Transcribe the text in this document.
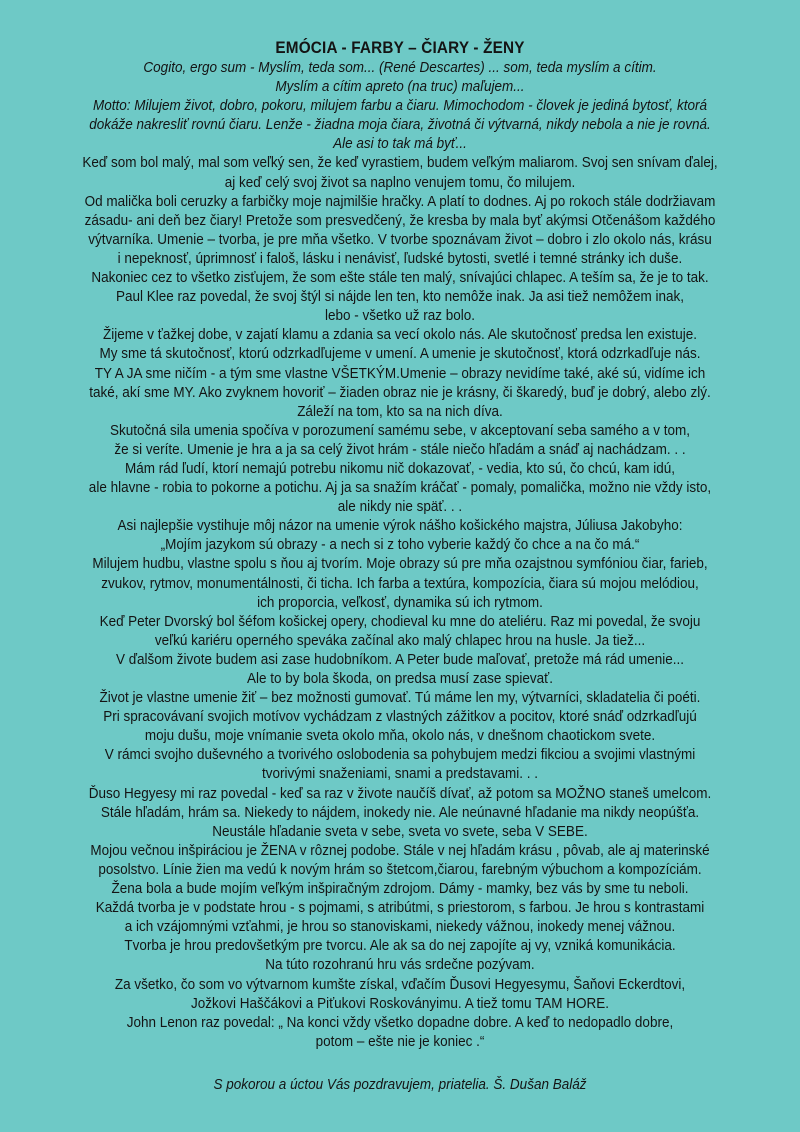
EMÓCIA - FARBY – ČIARY - ŽENY
Cogito, ergo sum - Myslím, teda som... (René Descartes) ... som, teda myslím a cítim.
Myslím a cítim apreto (na truc) maľujem...
Motto: Milujem život, dobro, pokoru, milujem farbu a čiaru. Mimochodom - človek je jediná bytosť, ktorá
dokáže nakresliť rovnú čiaru. Lenže - žiadna moja čiara, životná či výtvarná, nikdy nebola a nie je rovná.
Ale asi to tak má byť...
Keď som bol malý, mal som veľký sen, že keď vyrastiem, budem veľkým maliarom. Svoj sen snívam ďalej,
aj keď celý svoj život sa naplno venujem tomu, čo milujem.
Od malička boli ceruzky a farbičky moje najmilšie hračky. A platí to dodnes. Aj po rokoch stále dodržiavam
zásadu- ani deň bez čiary! Pretože som presvedčený, že kresba by mala byť akýmsi Otčenášom každého
výtvarníka. Umenie – tvorba, je pre mňa všetko. V tvorbe spoznávam život – dobro i zlo okolo nás, krásu
i nepeknosť, úprimnosť i faloš, lásku i nenávisť, ľudské bytosti, svetlé i temné stránky ich duše.
Nakoniec cez to všetko zisťujem, že som ešte stále ten malý, snívajúci chlapec. A teším sa, že je to tak.
Paul Klee raz povedal, že svoj štýl si nájde len ten, kto nemôže inak. Ja asi tiež nemôžem inak,
lebo - všetko už raz bolo.
Žijeme v ťažkej dobe, v zajatí klamu a zdania sa vecí okolo nás. Ale skutočnosť predsa len existuje.
My sme tá skutočnosť, ktorú odzrkadľujeme v umení. A umenie je skutočnosť, ktorá odzrkadľuje nás.
TY A JA sme ničím - a tým sme vlastne VŠETKÝM.Umenie – obrazy nevidíme také, aké sú, vidíme ich
také, akí sme MY. Ako zvyknem hovoriť – žiaden obraz nie je krásny, či škaredý, buď je dobrý, alebo zlý.
Záleží na tom, kto sa na nich díva.
Skutočná sila umenia spočíva v porozumení samému sebe, v akceptovaní seba samého a v tom,
že si veríte. Umenie je hra a ja sa celý život hrám - stále niečo hľadám a snáď aj nachádzam. . .
Mám rád ľudí, ktorí nemajú potrebu nikomu nič dokazovať, - vedia, kto sú, čo chcú, kam idú,
ale hlavne - robia to pokorne a potichu. Aj ja sa snažím kráčať - pomaly, pomalička, možno nie vždy isto,
ale nikdy nie späť. . .
Asi najlepšie vystihuje môj názor na umenie výrok nášho košického majstra, Júliusa Jakobyho:
„Mojím jazykom sú obrazy - a nech si z toho vyberie každý čo chce a na čo má.“
Milujem hudbu, vlastne spolu s ňou aj tvorím. Moje obrazy sú pre mňa ozajstnou symfóniou čiar, farieb,
zvukov, rytmov, monumentálnosti, či ticha. Ich farba a textúra, kompozícia, čiara sú mojou melódiou,
ich proporcia, veľkosť, dynamika sú ich rytmom.
Keď Peter Dvorský bol šéfom košickej opery, chodieval ku mne do ateliéru. Raz mi povedal, že svoju
veľkú kariéru operného speváka začínal ako malý chlapec hrou na husle. Ja tiež...
V ďalšom živote budem asi zase hudobníkom. A Peter bude maľovať, pretože má rád umenie...
Ale to by bola škoda, on predsa musí zase spievať.
Život je vlastne umenie žiť – bez možnosti gumovať. Tú máme len my, výtvarníci, skladatelia či poéti.
Pri spracovávaní svojich motívov vychádzam z vlastných zážitkov a pocitov, ktoré snáď odzrkadľujú
moju dušu, moje vnímanie sveta okolo mňa, okolo nás, v dnešnom chaotickom svete.
V rámci svojho duševného a tvorivého oslobodenia sa pohybujem medzi fikciou a svojimi vlastnými
tvorivými snaženiami, snami a predstavami. . .
Ďuso Hegyesy mi raz povedal - keď sa raz v živote naučíš dívať, až potom sa MOŽNO staneš umelcom.
Stále hľadám, hrám sa. Niekedy to nájdem, inokedy nie. Ale neúnavné hľadanie ma nikdy neopúšťa.
Neustále hľadanie sveta v sebe, sveta vo svete, seba V SEBE.
Mojou večnou inšpiráciou je ŽENA v rôznej podobe. Stále v nej hľadám krásu , pôvab, ale aj materinské
posolstvo. Línie žien ma vedú k novým hrám so štetcom,čiarou, farebným výbuchom a kompozíciám.
Žena bola a bude mojím veľkým inšpiračným zdrojom. Dámy - mamky, bez vás by sme tu neboli.
Každá tvorba je v podstate hrou - s pojmami, s atribútmi, s priestorom, s farbou. Je hrou s kontrastami
a ich vzájomnými vzťahmi, je hrou so stanoviskami, niekedy vážnou, inokedy menej vážnou.
Tvorba je hrou predovšetkým pre tvorcu. Ale ak sa do nej zapojíte aj vy, vzniká komunikácia.
Na túto rozohranú hru vás srdečne pozývam.
Za všetko, čo som vo výtvarnom kumšte získal, vďačím Ďusovi Hegyesymu, Šaňovi Eckerdtovi,
Jožkovi Haščákovi a Piťukovi Roskoványimu. A tiež tomu TAM HORE.
John Lenon raz povedal: „ Na konci vždy všetko dopadne dobre. A keď to nedopadlo dobre,
potom – ešte nie je koniec .“
S pokorou a úctou Vás pozdravujem, priatelia. Š. Dušan Baláž
